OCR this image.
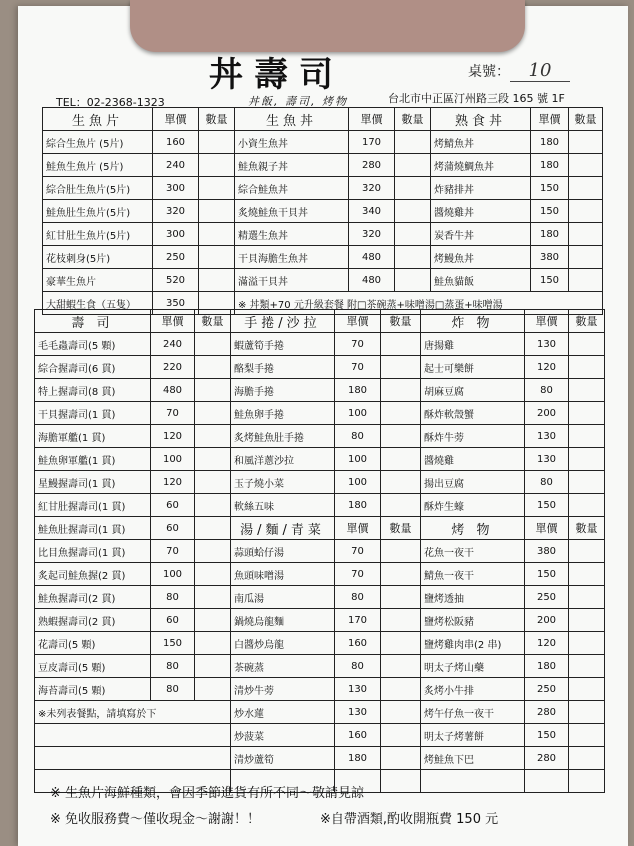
丼壽司
丼飯, 壽司, 烤物
TEL：02-2368-1323	台北市中正區汀州路三段 165 號 1F
桌號： 10
生魚片	單價	數量	生魚丼	單價	數量	熟食丼	單價	數量
綜合生魚片 (5片)	160		小資生魚丼	170		烤鯖魚丼	180	
鮭魚生魚片 (5片)	240		鮭魚親子丼	280		烤蒲燒鯛魚丼	180	
綜合肚生魚片(5片)	300		綜合鮭魚丼	320		炸豬排丼	150	
鮭魚肚生魚片(5片)	320		炙燒鮭魚干貝丼	340		醬燒雞丼	150	
紅甘肚生魚片(5片)	300		精選生魚丼	320		炭香牛丼	180	
花枝刺身(5片)	250		干貝海膽生魚丼	480		烤鰻魚丼	380	
豪華生魚片	520		滿溢干貝丼	480		鮭魚貓飯	150	
大甜蝦生食（五隻）	350		※ 丼類+70 元升級套餐 附□茶碗蒸+味噌湯□蒸蛋+味噌湯					
壽 司	單價	數量	手捲/沙拉	單價	數量	炸 物	單價	數量
毛毛蟲壽司(5 顆)	240		蝦蘆筍手捲	70		唐揚雞	130	
綜合握壽司(6 貫)	220		酪梨手捲	70		起士可樂餅	120	
特上握壽司(8 貫)	480		海膽手捲	180		胡麻豆腐	80	
干貝握壽司(1 貫)	70		鮭魚卵手捲	100		酥炸軟殼蟹	200	
海膽軍艦(1 貫)	120		炙烤鮭魚肚手捲	80		酥炸牛蒡	130	
鮭魚卵軍艦(1 貫)	100		和風洋蔥沙拉	100		醬燒雞	130	
星鰻握壽司(1 貫)	120		玉子燒小菜	100		揚出豆腐	80	
紅甘肚握壽司(1 貫)	60		軟絲五味	180		酥炸生蠔	150	
鮭魚肚握壽司(1 貫)	60		湯/麵/青菜	單價	數量	烤 物	單價	數量
比目魚握壽司(1 貫)	70		蒜頭蛤仔湯	70		花魚一夜干	380	
炙起司鮭魚握(2 貫)	100		魚頭味噌湯	70		鯖魚一夜干	150	
鮭魚握壽司(2 貫)	80		南瓜湯	80		鹽烤透抽	250	
熟蝦握壽司(2 貫)	60		鍋燒烏龍麵	170		鹽烤松阪豬	200	
花壽司(5 顆)	150		白醬炒烏龍	160		鹽烤雞肉串(2 串)	120	
豆皮壽司(5 顆)	80		茶碗蒸	80		明太子烤山藥	180	
海苔壽司(5 顆)	80		清炒牛蒡	130		炙烤小牛排	250	
※未列表餐點，請填寫於下			炒水蓮	130		烤午仔魚一夜干	280	
			炒菠菜	160		明太子烤薯餅	150	
			清炒蘆筍	180		烤鮭魚下巴	280	

※ 生魚片海鮮種類，會因季節進貨有所不同～敬請見諒
※ 免收服務費～僅收現金～謝謝！！	※自帶酒類,酌收開瓶費 150 元
